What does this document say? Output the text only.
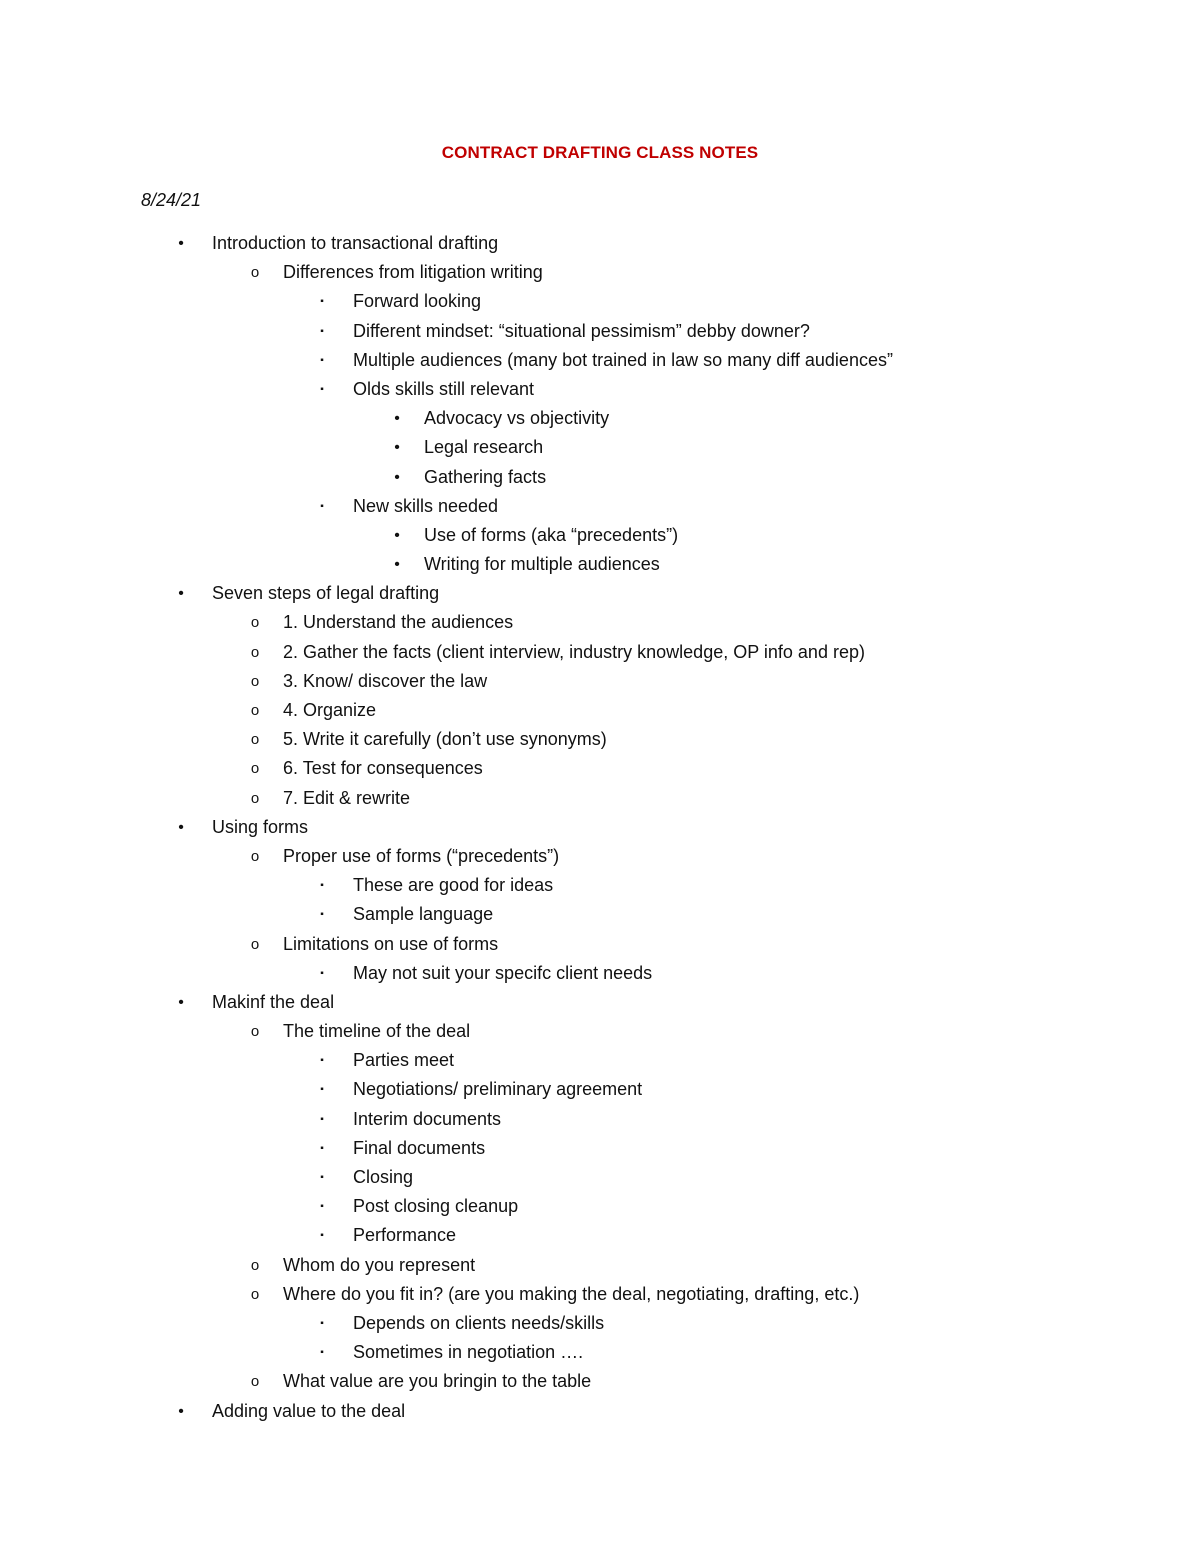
CONTRACT DRAFTING CLASS NOTES
8/24/21
•	Introduction to transactional drafting
o	Differences from litigation writing
▪	Forward looking
▪	Different mindset: “situational pessimism” debby downer?
▪	Multiple audiences (many bot trained in law so many diff audiences”
▪	Olds skills still relevant
•	Advocacy vs objectivity
•	Legal research
•	Gathering facts
▪	New skills needed
•	Use of forms (aka “precedents”)
•	Writing for multiple audiences
•	Seven steps of legal drafting
o	1. Understand the audiences
o	2. Gather the facts (client interview, industry knowledge, OP info and rep)
o	3. Know/ discover the law
o	4. Organize
o	5. Write it carefully (don’t use synonyms)
o	6. Test for consequences
o	7. Edit & rewrite
•	Using forms
o	Proper use of forms (“precedents”)
▪	These are good for ideas
▪	Sample language
o	Limitations on use of forms
▪	May not suit your specifc client needs
•	Makinf the deal
o	The timeline of the deal
▪	Parties meet
▪	Negotiations/ preliminary agreement
▪	Interim documents
▪	Final documents
▪	Closing
▪	Post closing cleanup
▪	Performance
o	Whom do you represent
o	Where do you fit in? (are you making the deal, negotiating, drafting, etc.)
▪	Depends on clients needs/skills
▪	Sometimes in negotiation ….
o	What value are you bringin to the table
•	Adding value to the deal
